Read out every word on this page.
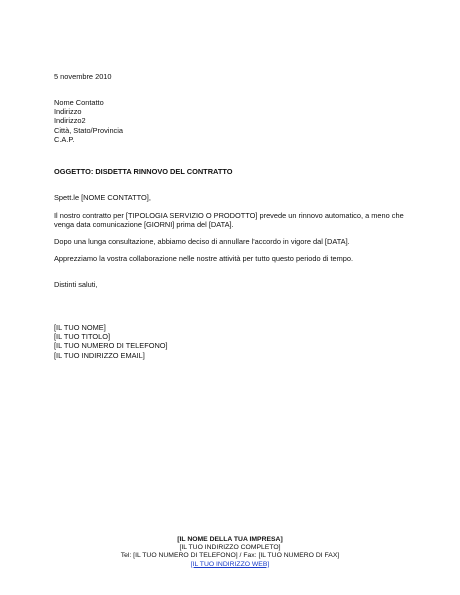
5 novembre 2010
Nome Contatto
Indirizzo
Indirizzo2
Città, Stato/Provincia
C.A.P.
OGGETTO: DISDETTA RINNOVO DEL CONTRATTO
Spett.le [NOME CONTATTO],
Il nostro contratto per [TIPOLOGIA SERVIZIO O PRODOTTO] prevede un rinnovo automatico, a meno che venga data comunicazione [GIORNI] prima del [DATA].
Dopo una lunga consultazione, abbiamo deciso di annullare l'accordo in vigore dal [DATA].
Apprezziamo la vostra collaborazione nelle nostre attività per tutto questo periodo di tempo.
Distinti saluti,
[IL TUO NOME]
[IL TUO TITOLO]
[IL TUO NUMERO DI TELEFONO]
[IL TUO INDIRIZZO EMAIL]
[IL NOME DELLA TUA IMPRESA]
[IL TUO INDIRIZZO COMPLETO]
Tel: [IL TUO NUMERO DI TELEFONO] / Fax: [IL TUO NUMERO DI FAX]
[IL TUO INDIRIZZO WEB]
